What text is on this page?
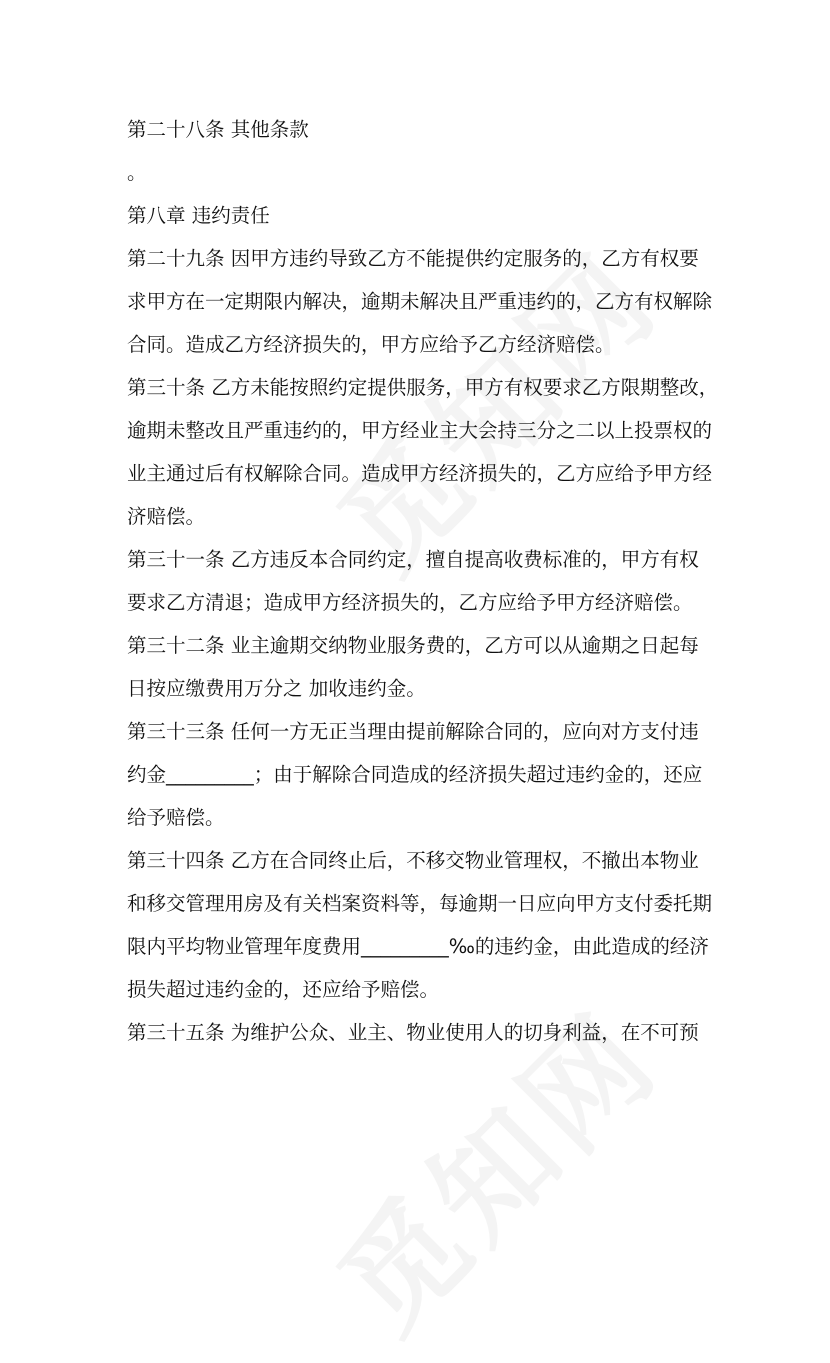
第二十八条 其他条款
。
第八章 违约责任
第二十九条 因甲方违约导致乙方不能提供约定服务的，乙方有权要
求甲方在一定期限内解决，逾期未解决且严重违约的，乙方有权解除
合同。造成乙方经济损失的，甲方应给予乙方经济赔偿。
第三十条 乙方未能按照约定提供服务，甲方有权要求乙方限期整改，
逾期未整改且严重违约的，甲方经业主大会持三分之二以上投票权的
业主通过后有权解除合同。造成甲方经济损失的，乙方应给予甲方经
济赔偿。
第三十一条 乙方违反本合同约定，擅自提高收费标准的，甲方有权
要求乙方清退；造成甲方经济损失的，乙方应给予甲方经济赔偿。
第三十二条 业主逾期交纳物业服务费的，乙方可以从逾期之日起每
日按应缴费用万分之 加收违约金。
第三十三条 任何一方无正当理由提前解除合同的，应向对方支付违
约金_________；由于解除合同造成的经济损失超过违约金的，还应
给予赔偿。
第三十四条 乙方在合同终止后，不移交物业管理权，不撤出本物业
和移交管理用房及有关档案资料等，每逾期一日应向甲方支付委托期
限内平均物业管理年度费用_________‰的违约金，由此造成的经济
损失超过违约金的，还应给予赔偿。
第三十五条 为维护公众、业主、物业使用人的切身利益，在不可预
